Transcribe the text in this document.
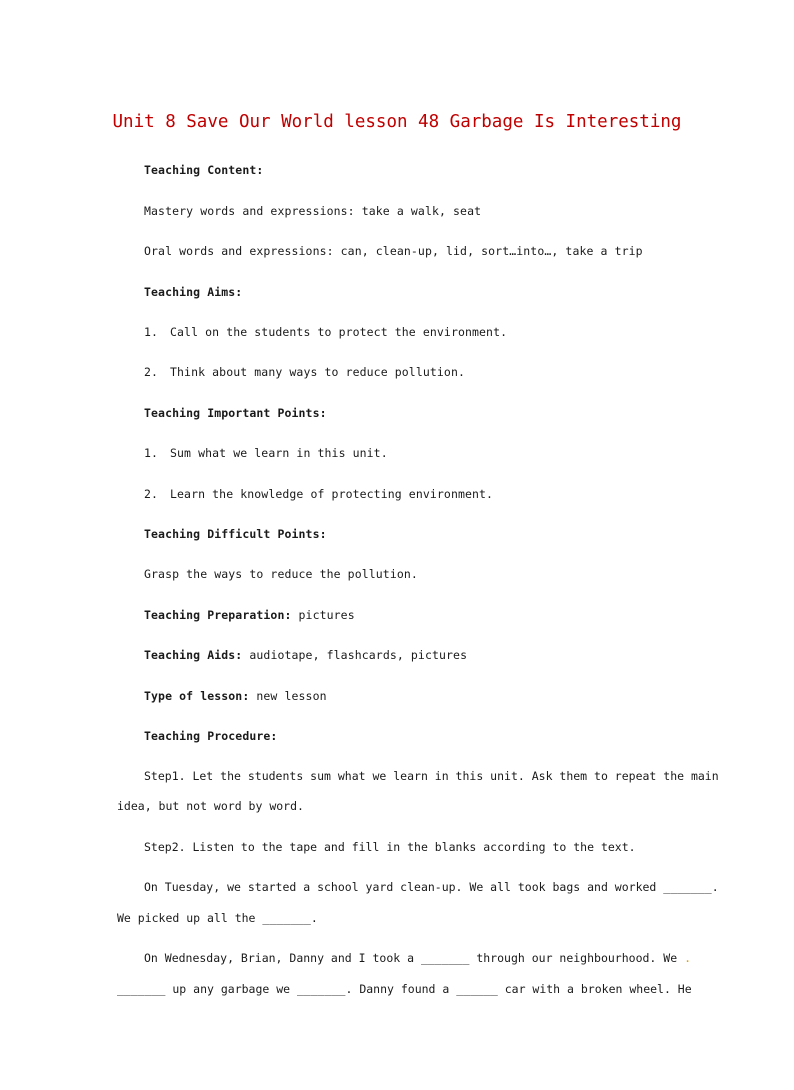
Unit 8 Save Our World lesson 48 Garbage Is Interesting
Teaching Content:
Mastery words and expressions: take a walk, seat
Oral words and expressions: can, clean-up, lid, sort…into…, take a trip
Teaching Aims:
1. Call on the students to protect the environment.
2. Think about many ways to reduce pollution.
Teaching Important Points:
1. Sum what we learn in this unit.
2. Learn the knowledge of protecting environment.
Teaching Difficult Points:
Grasp the ways to reduce the pollution.
Teaching Preparation: pictures
Teaching Aids: audiotape, flashcards, pictures
Type of lesson: new lesson
Teaching Procedure:
Step1. Let the students sum what we learn in this unit. Ask them to repeat the main
idea, but not word by word.
Step2. Listen to the tape and fill in the blanks according to the text.
On Tuesday, we started a school yard clean-up. We all took bags and worked _______.
We picked up all the _______.
On Wednesday, Brian, Danny and I took a _______ through our neighbourhood. We .
_______ up any garbage we _______. Danny found a ______ car with a broken wheel. He
